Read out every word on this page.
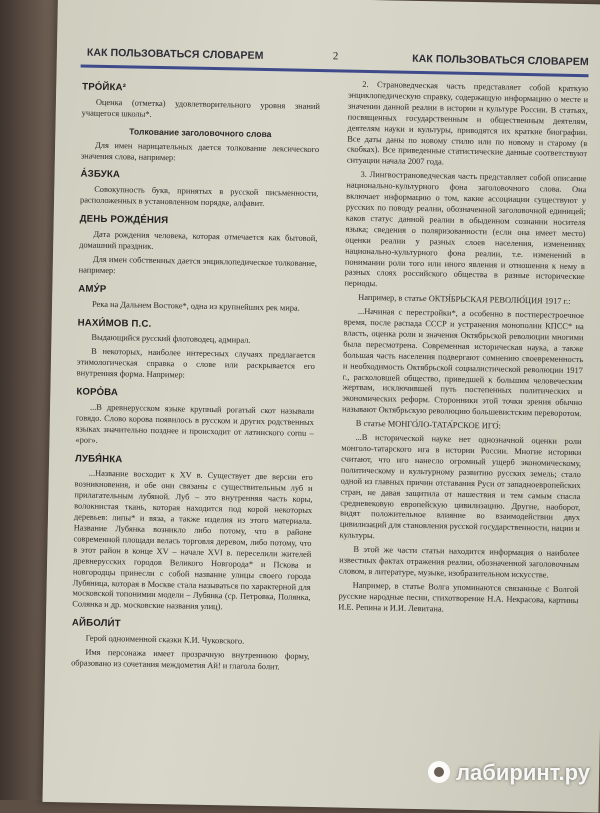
КАК ПОЛЬЗОВАТЬСЯ СЛОВАРЕМ	2	КАК ПОЛЬЗОВАТЬСЯ СЛОВАРЕМ
ТРО́ЙКА²

Оценка (отметка) удовлетворительного уровня знаний учащегося школы*.

Толкование заголовочного слова

Для имен нарицательных дается толкование лексического значения слова, например:

А́ЗБУКА

Совокупность букв, принятых в русской письменности, расположенных в установленном порядке, алфавит.

ДЕНЬ РОЖДЕ́НИЯ

Дата рождения человека, которая отмечается как бытовой, домашний праздник.

Для имен собственных дается энциклопедическое толкование, например:

АМУ́Р

Река на Дальнем Востоке*, одна из крупнейших рек мира.

НАХИ́МОВ П.С.

Выдающийся русский флотоводец, адмирал.

В некоторых, наиболее интересных случаях предлагается этимологическая справка о слове или раскрывается его внутренняя форма. Например:

КОРО́ВА

...В древнерусском языке крупный рогатый скот называли говядо. Слово корова появилось в русском и других родственных языках значительно позднее и происходит от латинского cornu – «рог».

ЛУБЯ́НКА

...Название восходит к XV в. Существует две версии его возникновения, и обе они связаны с существительным луб и прилагательным лубяной. Луб – это внутренняя часть коры, волокнистая ткань, которая находится под корой некоторых деревьев: липы* и вяза, а также изделия из этого материала. Название Лубянка возникло либо потому, что в районе современной площади велась торговля деревом, либо потому, что в этот район в конце XV – начале XVI в. переселили жителей древнерусских городов Великого Новгорода* и Пскова и новгородцы принесли с собой название улицы своего города Лубяница, которая в Москве стала называться по характерной для московской топонимии модели – Лубянка (ср. Петровка, Полянка, Солянка и др. московские названия улиц).

АЙБОЛИ́Т

Герой одноименной сказки К.И. Чуковского.

Имя персонажа имеет прозрачную внутреннюю форму, образовано из сочетания междометия Ай! и глагола болит.

2. Страноведческая часть представляет собой краткую энциклопедическую справку, содержащую информацию о месте и значении данной реалии в истории и культуре России. В статьях, посвященных государственным и общественным деятелям, деятелям науки и культуры, приводятся их краткие биографии. Все даты даны по новому стилю или по новому и старому (в скобках). Все приведенные статистические данные соответствуют ситуации начала 2007 года.

3. Лингвострановедческая часть представляет собой описание национально-культурного фона заголовочного слова. Она включает информацию о том, какие ассоциации существуют у русских по поводу реалии, обозначенной заголовочной единицей; каков статус данной реалии в обыденном сознании носителя языка; сведения о поляризованности (если она имеет место) оценки реалии у разных слоев населения, изменениях национально-культурного фона реалии, т.е. изменений в понимании роли того или иного явления и отношения к нему в разных слоях российского общества в разные исторические периоды.

Например, в статье ОКТЯ́БРЬСКАЯ РЕВОЛЮ́ЦИЯ 1917 г.:

...Начиная с перестройки*, а особенно в постперестроечное время, после распада СССР и устранения монополии КПСС* на власть, оценка роли и значения Октябрьской революции многими была пересмотрена. Современная историческая наука, а также большая часть населения подвергают сомнению своевременность и необходимость Октябрьской социалистической революции 1917 г., расколовшей общество, приведшей к большим человеческим жертвам, исключившей путь постепенных политических и экономических реформ. Сторонники этой точки зрения обычно называют Октябрьскую революцию большевистским переворотом.

В статье МОНГО́ЛО-ТАТА́РСКОЕ ИГО́:

...В исторической науке нет однозначной оценки роли монголо-татарского ига в истории России. Многие историки считают, что иго нанесло огромный ущерб экономическому, политическому и культурному развитию русских земель; стало одной из главных причин отставания Руси от западноевропейских стран, не давая защитила от нашествия и тем самым спасла средневековую европейскую цивилизацию. Другие, наоборот, видят положительное влияние во взаимодействии двух цивилизаций для становления русской государственности, нации и культуры.

В этой же части статьи находится информация о наиболее известных фактах отражения реалии, обозначенной заголовочным словом, в литературе, музыке, изобразительном искусстве.

Например, в статье Волга упоминаются связанные с Волгой русские народные песни, стихотворение Н.А. Некрасова, картины И.Е. Репина и И.И. Левитана.

лабиринт.ру
